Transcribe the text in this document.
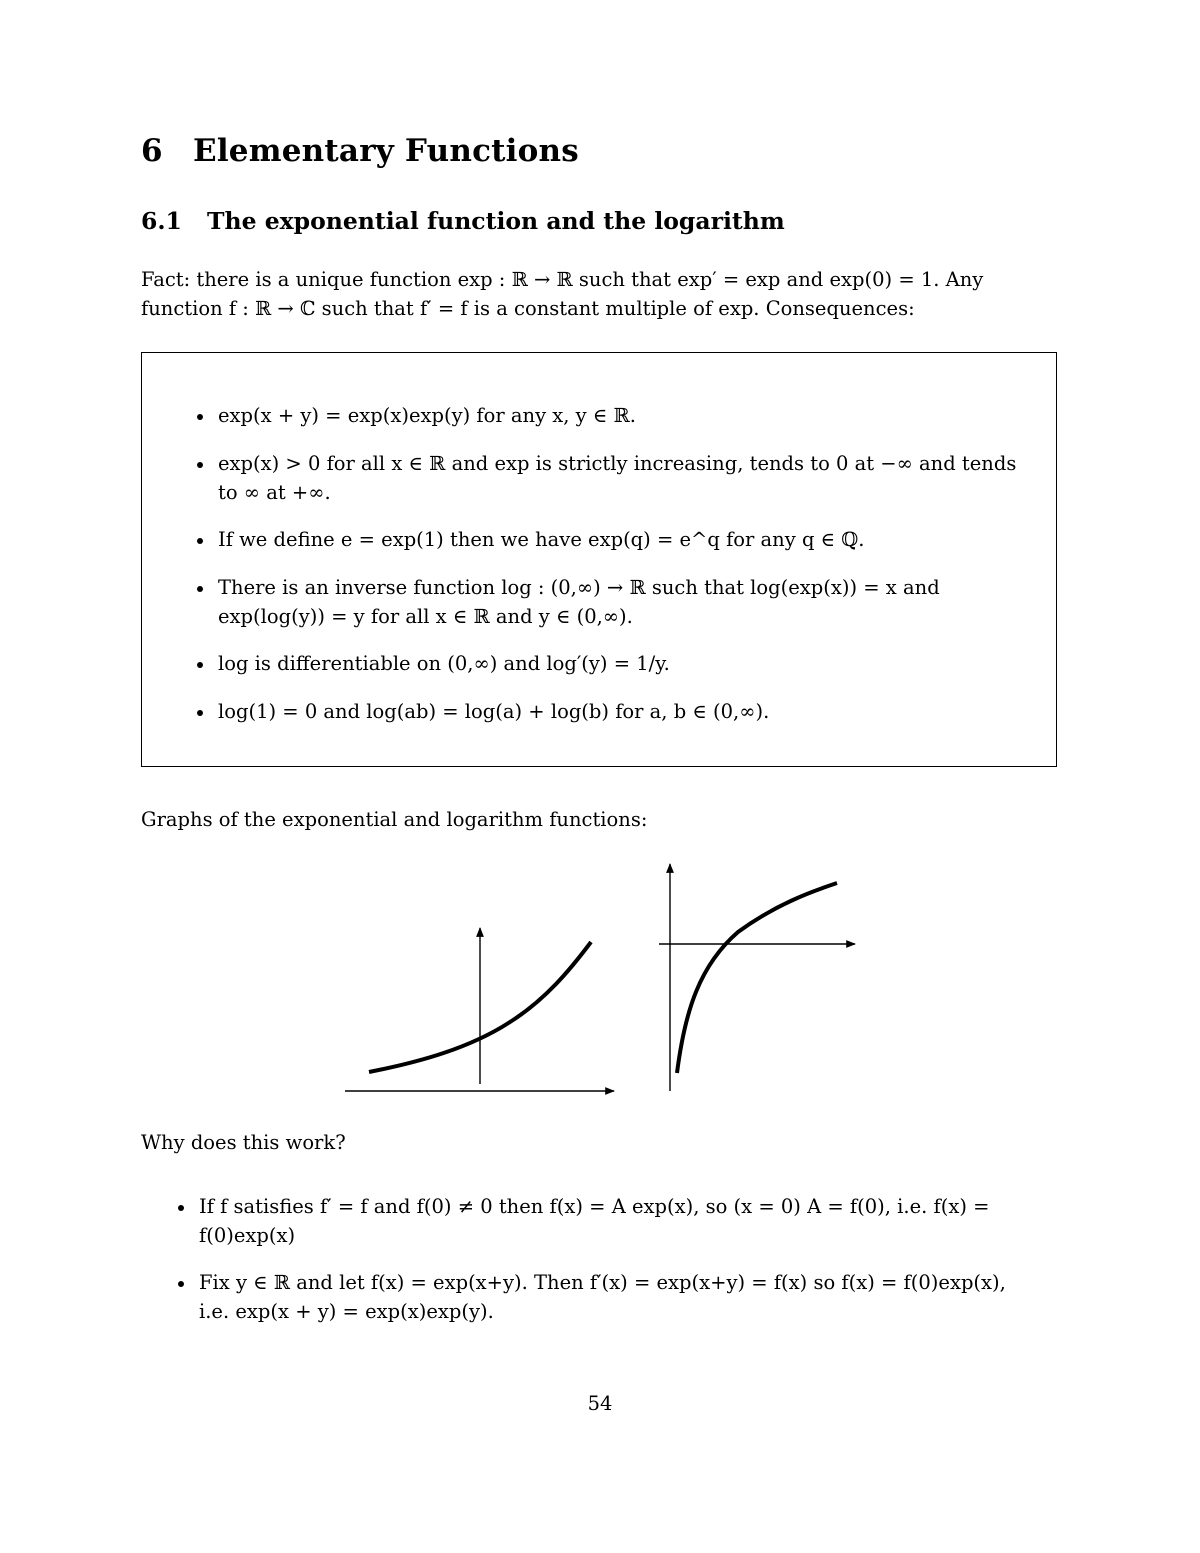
6 Elementary Functions
6.1 The exponential function and the logarithm
Fact: there is a unique function exp : ℝ → ℝ such that exp′ = exp and exp(0) = 1. Any
function f : ℝ → ℂ such that f′ = f is a constant multiple of exp. Consequences:
exp(x + y) = exp(x)exp(y) for any x, y ∈ ℝ.
exp(x) > 0 for all x ∈ ℝ and exp is strictly increasing, tends to 0 at −∞ and tends
to ∞ at +∞.
If we define e = exp(1) then we have exp(q) = e^q for any q ∈ ℚ.
There is an inverse function log : (0,∞) → ℝ such that log(exp(x)) = x and
exp(log(y)) = y for all x ∈ ℝ and y ∈ (0,∞).
log is differentiable on (0,∞) and log′(y) = 1/y.
log(1) = 0 and log(ab) = log(a) + log(b) for a, b ∈ (0,∞).
Graphs of the exponential and logarithm functions:
Why does this work?
If f satisfies f′ = f and f(0) ≠ 0 then f(x) = A exp(x), so (x = 0) A = f(0), i.e. f(x) =
f(0)exp(x)
Fix y ∈ ℝ and let f(x) = exp(x+y). Then f′(x) = exp(x+y) = f(x) so f(x) = f(0)exp(x),
i.e. exp(x + y) = exp(x)exp(y).
54
